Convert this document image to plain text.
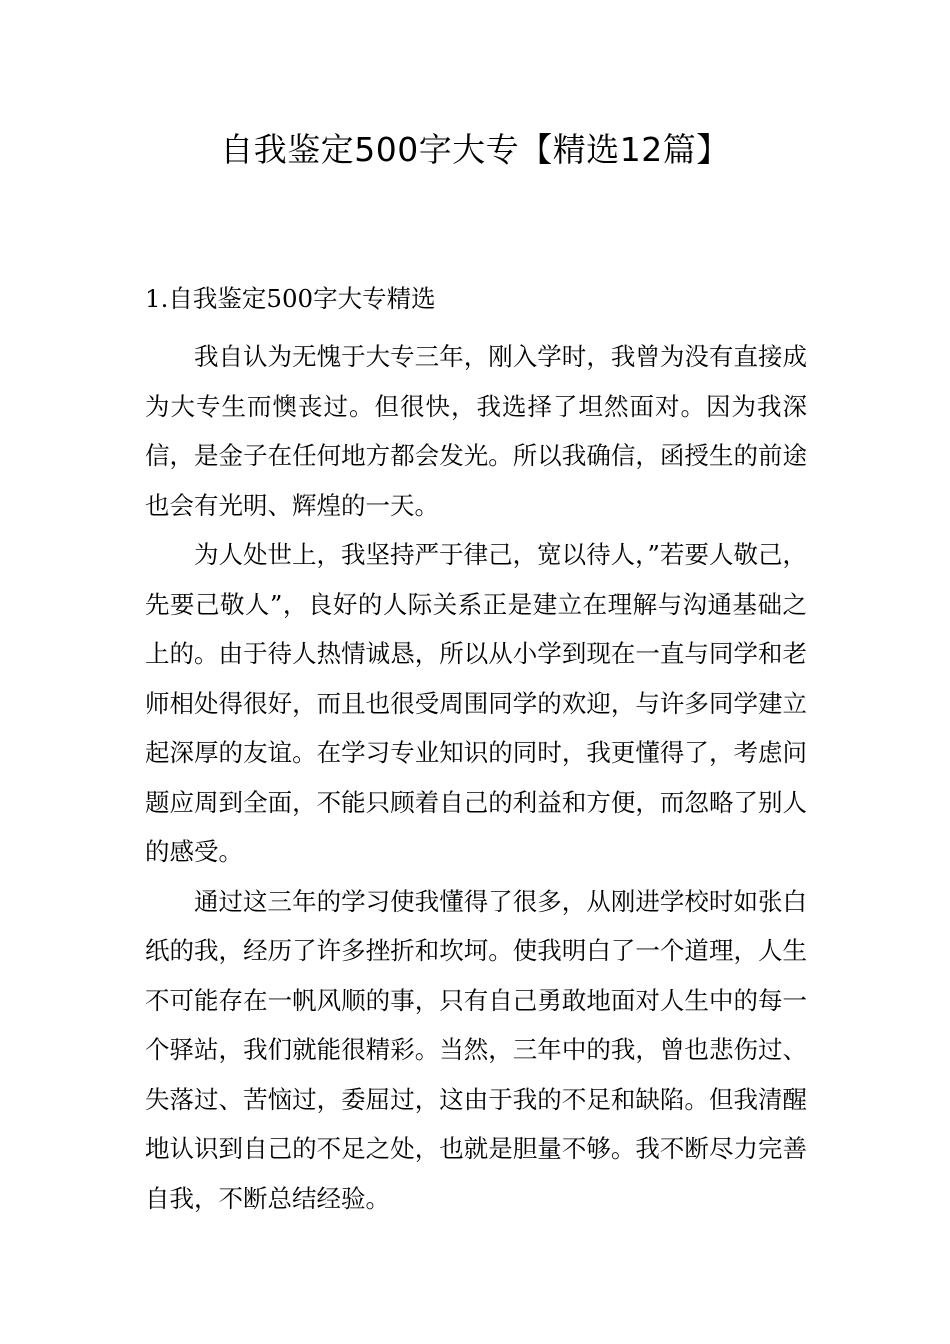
自我鉴定500字大专【精选12篇】
1.自我鉴定500字大专精选

我自认为无愧于大专三年，刚入学时，我曾为没有直接成为大专生而懊丧过。但很快，我选择了坦然面对。因为我深信，是金子在任何地方都会发光。所以我确信，函授生的前途也会有光明、辉煌的一天。

为人处世上，我坚持严于律己，宽以待人，”若要人敬己，先要己敬人”，良好的人际关系正是建立在理解与沟通基础之上的。由于待人热情诚恳，所以从小学到现在一直与同学和老师相处得很好，而且也很受周围同学的欢迎，与许多同学建立起深厚的友谊。在学习专业知识的同时，我更懂得了，考虑问题应周到全面，不能只顾着自己的利益和方便，而忽略了别人的感受。

通过这三年的学习使我懂得了很多，从刚进学校时如张白纸的我，经历了许多挫折和坎坷。使我明白了一个道理，人生不可能存在一帆风顺的事，只有自己勇敢地面对人生中的每一个驿站，我们就能很精彩。当然，三年中的我，曾也悲伤过、失落过、苦恼过，委屈过，这由于我的不足和缺陷。但我清醒地认识到自己的不足之处，也就是胆量不够。我不断尽力完善自我，不断总结经验。
